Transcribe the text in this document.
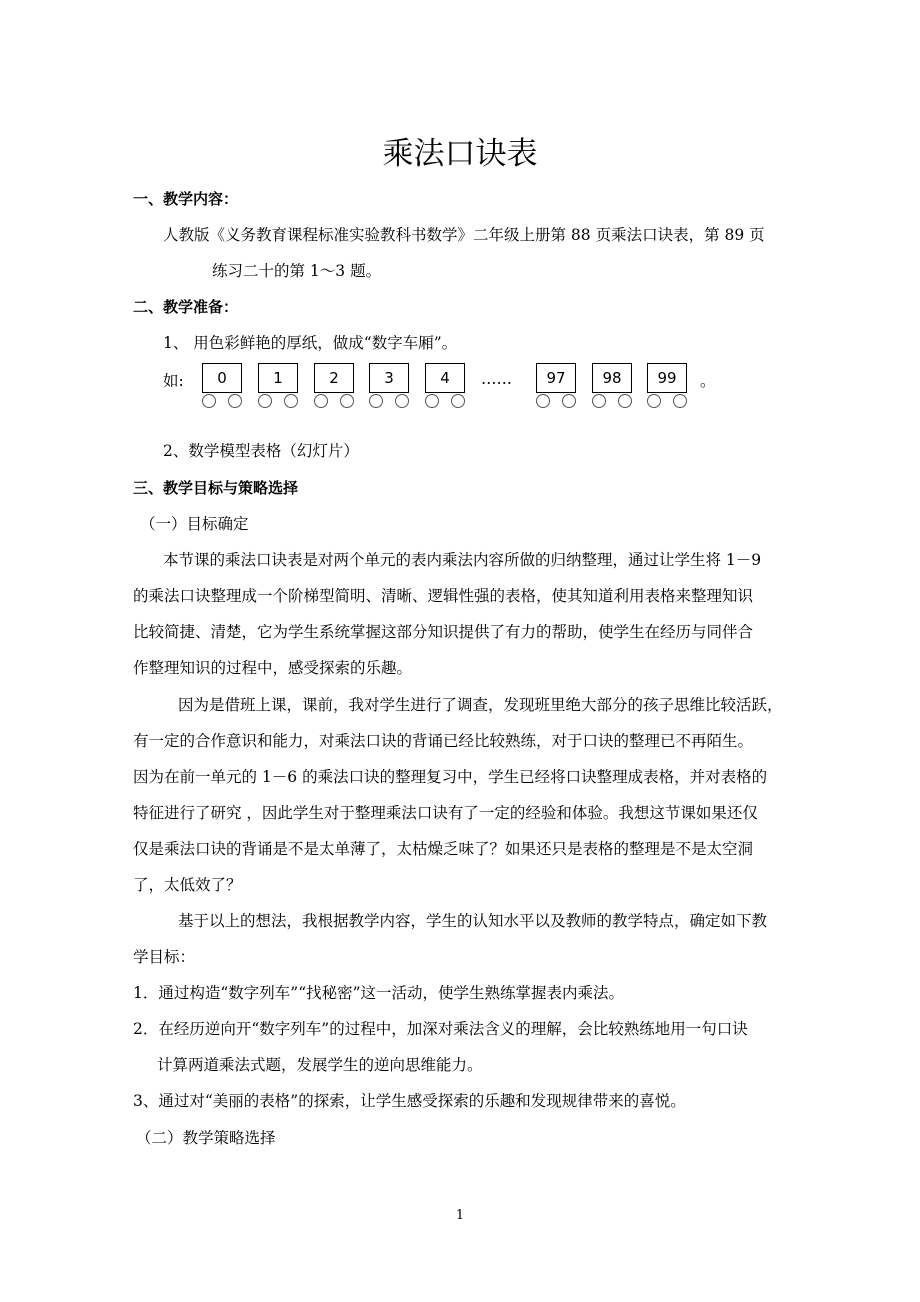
乘法口诀表
一、教学内容：
人教版《义务教育课程标准实验教科书数学》二年级上册第 88 页乘法口诀表，第 89 页
练习二十的第 1～3 题。
二、教学准备：
1、 用色彩鲜艳的厚纸，做成“数字车厢”。
如:	0	1	2	3	4	……	97	98	99	。
2、数学模型表格（幻灯片）
三、教学目标与策略选择
（一）目标确定
本节课的乘法口诀表是对两个单元的表内乘法内容所做的归纳整理，通过让学生将 1－9
的乘法口诀整理成一个阶梯型简明、清晰、逻辑性强的表格，使其知道利用表格来整理知识
比较简捷、清楚，它为学生系统掌握这部分知识提供了有力的帮助，使学生在经历与同伴合
作整理知识的过程中，感受探索的乐趣。
因为是借班上课，课前，我对学生进行了调查，发现班里绝大部分的孩子思维比较活跃，
有一定的合作意识和能力，对乘法口诀的背诵已经比较熟练，对于口诀的整理已不再陌生。
因为在前一单元的 1－6 的乘法口诀的整理复习中，学生已经将口诀整理成表格，并对表格的
特征进行了研究 ，因此学生对于整理乘法口诀有了一定的经验和体验。我想这节课如果还仅
仅是乘法口诀的背诵是不是太单薄了，太枯燥乏味了？如果还只是表格的整理是不是太空洞
了，太低效了？
基于以上的想法，我根据教学内容，学生的认知水平以及教师的教学特点，确定如下教
学目标：
1．通过构造“数字列车”“找秘密”这一活动，使学生熟练掌握表内乘法。
2．在经历逆向开“数字列车”的过程中，加深对乘法含义的理解，会比较熟练地用一句口诀
计算两道乘法式题，发展学生的逆向思维能力。
3、通过对“美丽的表格”的探索，让学生感受探索的乐趣和发现规律带来的喜悦。
（二）教学策略选择
1
